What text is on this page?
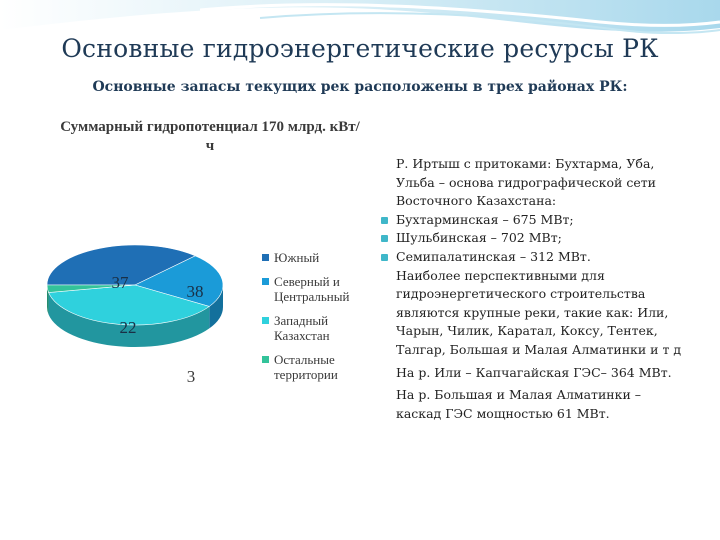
Основные гидроэнергетические ресурсы РК
Основные запасы текущих рек расположены в трех районах РК:
Суммарный гидропотенциал 170 млрд. кВт/ч
37
22
38
3
Южный
Северный и Центральный
Западный Казахстан
Остальные территории

Р. Иртыш с притоками: Бухтарма, Уба, Ульба – основа гидрографической сети Восточного Казахстана:

Бухтарминская – 675 МВт;

Шульбинская – 702 МВт;

Семипалатинская – 312 МВт.

Наиболее перспективными для гидроэнергетического строительства являются крупные реки, такие как: Или, Чарын, Чилик, Каратал, Коксу, Тентек, Талгар, Большая и Малая Алматинки и т д

На р. Или – Капчагайская ГЭС– 364 МВт.

На р. Большая и Малая Алматинки – каскад ГЭС мощностью 61 МВт.
